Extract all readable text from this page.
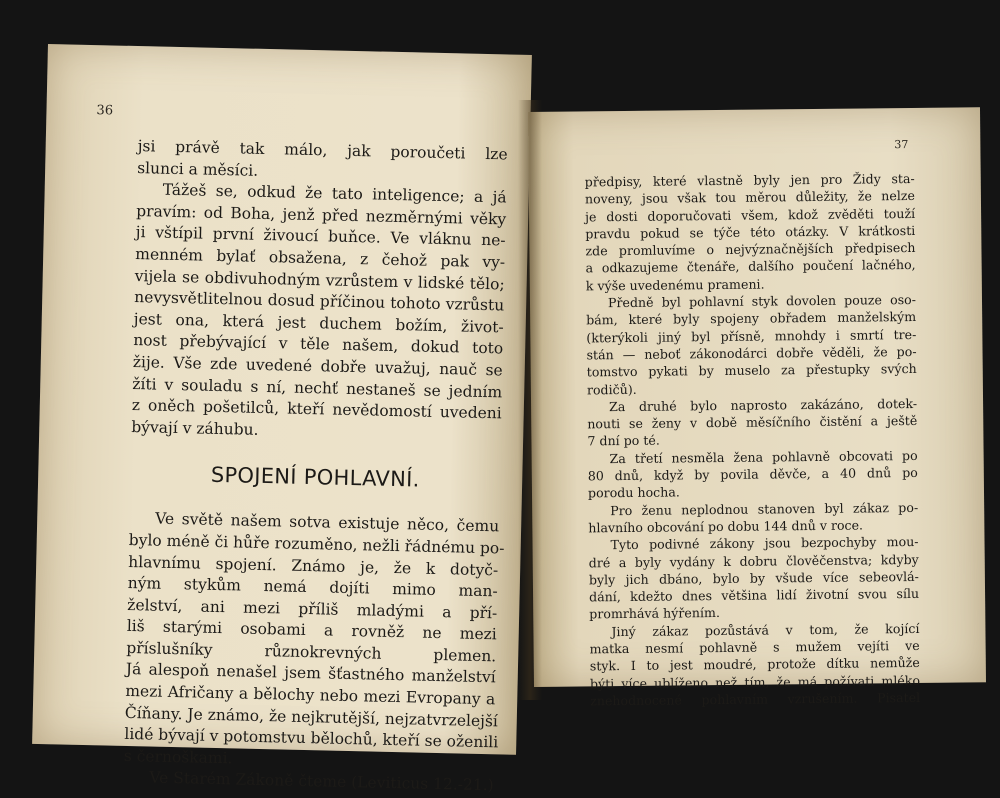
36
jsi právě tak málo, jak poroučeti lze
slunci a měsíci.
Tážeš se, odkud že tato inteligence; a já
pravím: od Boha, jenž před nezměrnými věky
ji vštípil první živoucí buňce. Ve vláknu ne-
menném bylať obsažena, z čehož pak vy-
vijela se obdivuhodným vzrůstem v lidské tělo;
nevysvětlitelnou dosud příčinou tohoto vzrůstu
jest ona, která jest duchem božím, život-
nost přebývající v těle našem, dokud toto
žije. Vše zde uvedené dobře uvažuj, nauč se
žíti v souladu s ní, nechť nestaneš se jedním
z oněch pošetilců, kteří nevědomostí uvedeni
bývají v záhubu.
SPOJENÍ POHLAVNÍ.
Ve světě našem sotva existuje něco, čemu
bylo méně či hůře rozuměno, nežli řádnému po-
hlavnímu spojení. Známo je, že k dotyč-
ným stykům nemá dojíti mimo man-
želství, ani mezi příliš mladými a pří-
liš starými osobami a rovněž ne mezi
příslušníky různokrevných plemen.
Já alespoň nenašel jsem šťastného manželství
mezi Afričany a bělochy nebo mezi Evropany a
Číňany. Je známo, že nejkrutější, nejzatvrzelejší
lidé bývají v potomstvu bělochů, kteří se oženili
s černoškami.
Ve Starém Zákoně čteme (Leviticus 12.-21.)
37
předpisy, které vlastně byly jen pro Židy sta-
noveny, jsou však tou měrou důležity, že nelze
je dosti doporučovati všem, kdož zvěděti touží
pravdu pokud se týče této otázky. V krátkosti
zde promluvíme o nejvýznačnějších předpisech
a odkazujeme čtenáře, dalšího poučení lačného,
k výše uvedenému prameni.
Předně byl pohlavní styk dovolen pouze oso-
bám, které byly spojeny obřadem manželským
(kterýkoli jiný byl přísně, mnohdy i smrtí tre-
stán — neboť zákonodárci dobře věděli, že po-
tomstvo pykati by muselo za přestupky svých
rodičů).
Za druhé bylo naprosto zakázáno, dotek-
nouti se ženy v době měsíčního čistění a ještě
7 dní po té.
Za třetí nesměla žena pohlavně obcovati po
80 dnů, když by povila děvče, a 40 dnů po
porodu hocha.
Pro ženu neplodnou stanoven byl zákaz po-
hlavního obcování po dobu 144 dnů v roce.
Tyto podivné zákony jsou bezpochyby mou-
dré a byly vydány k dobru člověčenstva; kdyby
byly jich dbáno, bylo by všude více sebeovlá-
dání, kdežto dnes většina lidí životní svou sílu
promrhává hýřením.
Jiný zákaz pozůstává v tom, že kojící
matka nesmí pohlavně s mužem vejíti ve
styk. I to jest moudré, protože dítku nemůže
býti více ublíženo než tím, že má požívati mléko
znehodnocené pohlavním vzrušením. Pisatel
